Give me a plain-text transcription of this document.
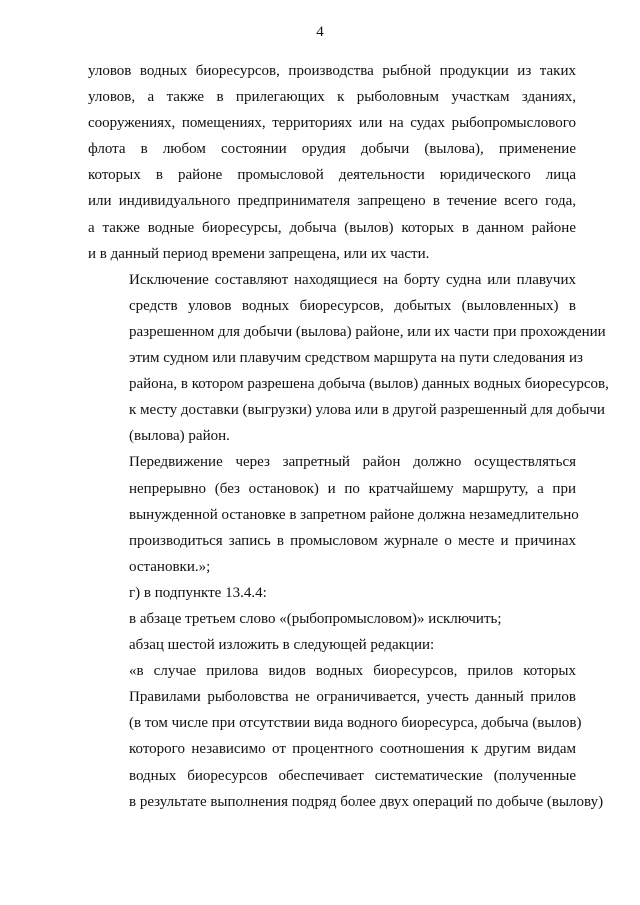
4

уловов водных биоресурсов, производства рыбной продукции из таких
уловов, а также в прилегающих к рыболовным участкам зданиях,
сооружениях, помещениях, территориях или на судах рыбопромыслового
флота в любом состоянии орудия добычи (вылова), применение
которых в районе промысловой деятельности юридического лица
или индивидуального предпринимателя запрещено в течение всего года,
а также водные биоресурсы, добыча (вылов) которых в данном районе
и в данный период времени запрещена, или их части.

Исключение составляют находящиеся на борту судна или плавучих
средств уловов водных биоресурсов, добытых (выловленных) в
разрешенном для добычи (вылова) районе, или их части при прохождении
этим судном или плавучим средством маршрута на пути следования из
района, в котором разрешена добыча (вылов) данных водных биоресурсов,
к месту доставки (выгрузки) улова или в другой разрешенный для добычи
(вылова) район.

Передвижение через запретный район должно осуществляться
непрерывно (без остановок) и по кратчайшему маршруту, а при
вынужденной остановке в запретном районе должна незамедлительно
производиться запись в промысловом журнале о месте и причинах
остановки.»;

г) в подпункте 13.4.4:

в абзаце третьем слово «(рыбопромысловом)» исключить;

абзац шестой изложить в следующей редакции:

«в случае прилова видов водных биоресурсов, прилов которых
Правилами рыболовства не ограничивается, учесть данный прилов
(в том числе при отсутствии вида водного биоресурса, добыча (вылов)
которого независимо от процентного соотношения к другим видам
водных биоресурсов обеспечивает систематические (полученные
в результате выполнения подряд более двух операций по добыче (вылову)
